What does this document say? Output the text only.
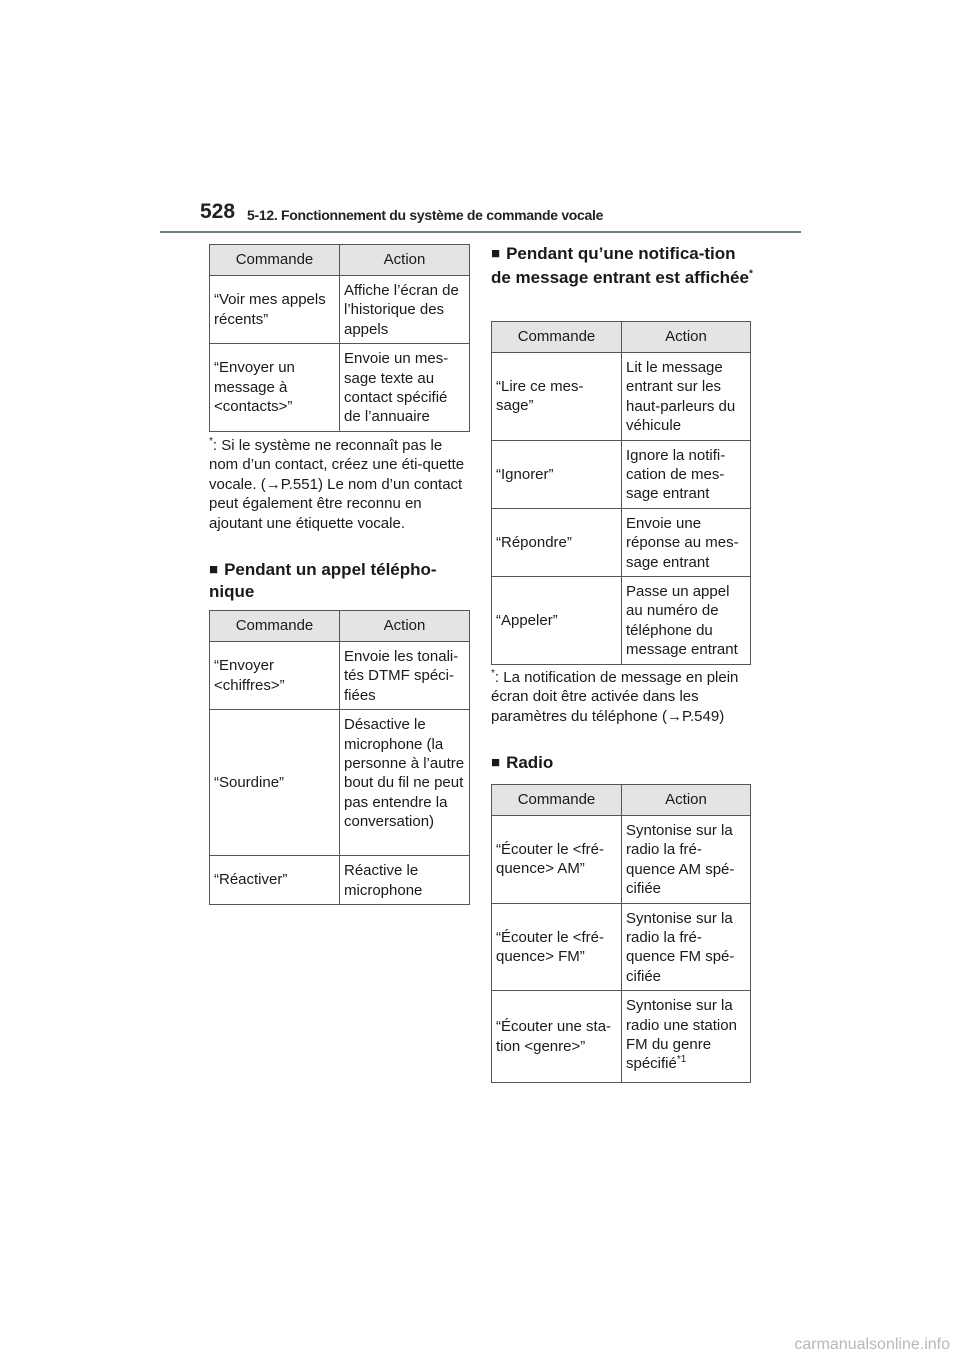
528 5-12. Fonctionnement du système de commande vocale
Commande	Action
“Voir mes appels récents”	Affiche l’écran de l’historique des appels
“Envoyer un message à <contacts>”	Envoie un mes-sage texte au contact spécifié de l’annuaire
*: Si le système ne reconnaît pas le nom d’un contact, créez une éti-quette vocale. (→P.551) Le nom d’un contact peut également être reconnu en ajoutant une étiquette vocale.
■ Pendant un appel télépho-nique
Commande	Action
“Envoyer <chiffres>”	Envoie les tonali-tés DTMF spéci-fiées
“Sourdine”	Désactive le microphone (la personne à l’autre bout du fil ne peut pas entendre la conversation)
“Réactiver”	Réactive le microphone
■ Pendant qu’une notifica-tion de message entrant est affichée*
Commande	Action
“Lire ce mes-sage”	Lit le message entrant sur les haut-parleurs du véhicule
“Ignorer”	Ignore la notifi-cation de mes-sage entrant
“Répondre”	Envoie une réponse au mes-sage entrant
“Appeler”	Passe un appel au numéro de téléphone du message entrant
*: La notification de message en plein écran doit être activée dans les paramètres du téléphone (→P.549)
■ Radio
Commande	Action
“Écouter le <fré-quence> AM”	Syntonise sur la radio la fré-quence AM spé-cifiée
“Écouter le <fré-quence> FM”	Syntonise sur la radio la fré-quence FM spé-cifiée
“Écouter une sta-tion <genre>”	Syntonise sur la radio une station FM du genre spécifié$^{*1}$
carmanualsonline.info
